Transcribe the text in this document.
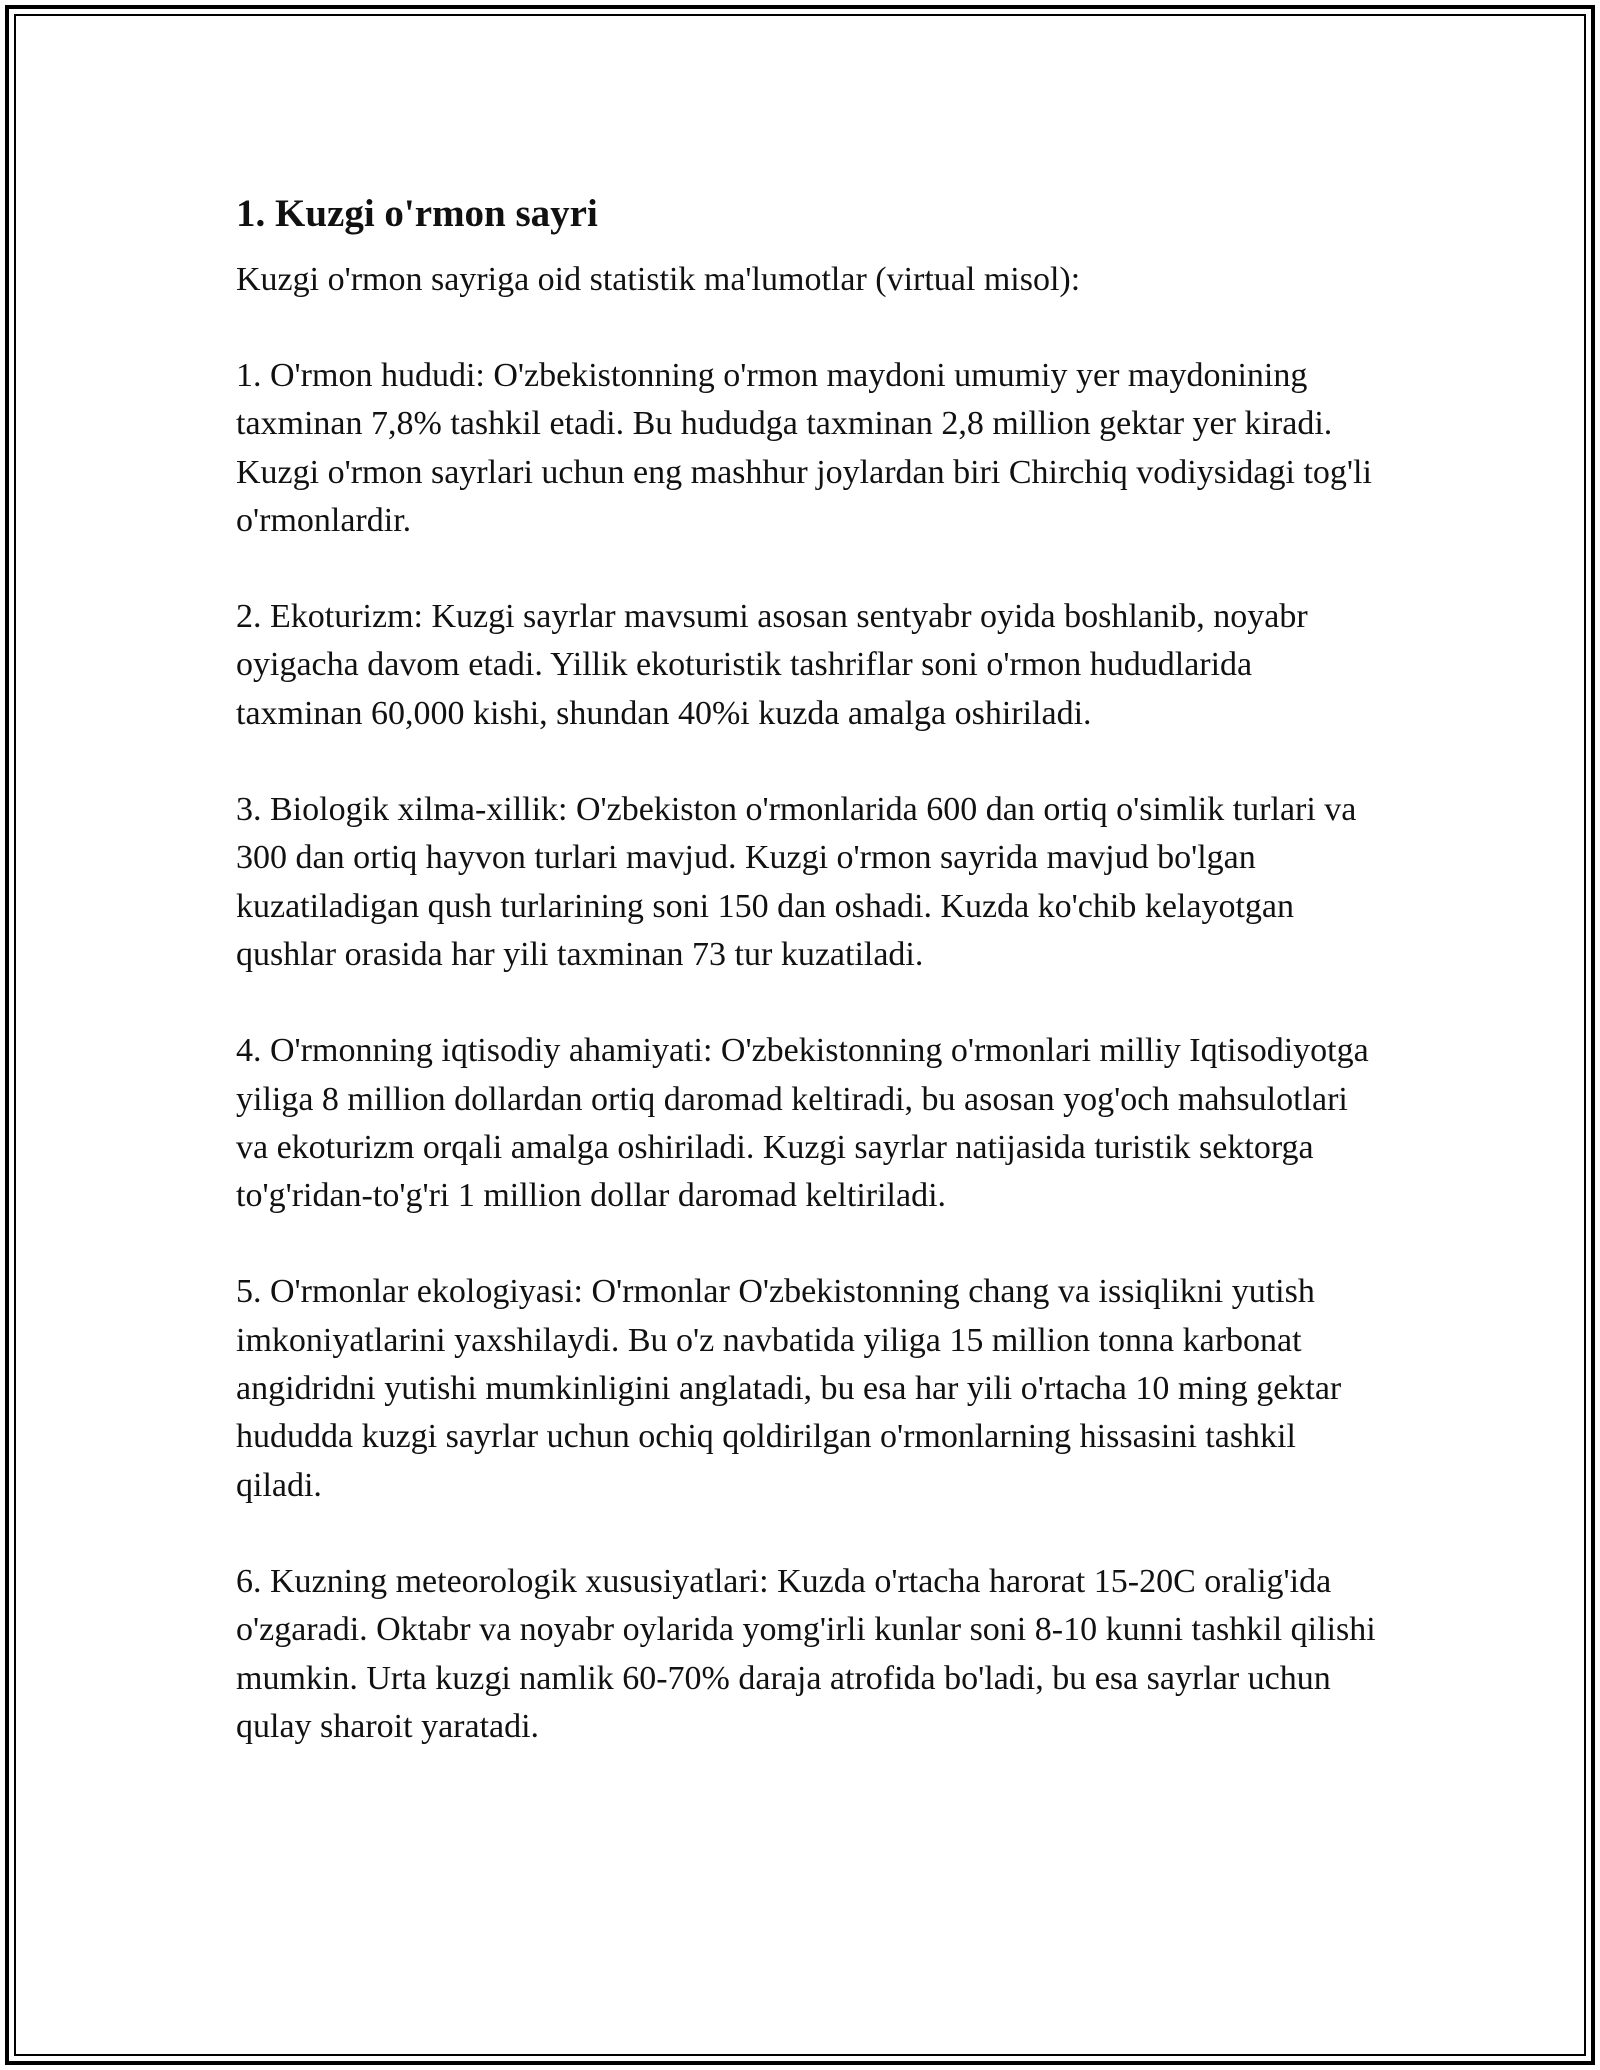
1. Kuzgi o'rmon sayri

Kuzgi o'rmon sayriga oid statistik ma'lumotlar (virtual misol):

1. O'rmon hududi: O'zbekistonning o'rmon maydoni umumiy yer maydonining taxminan 7,8% tashkil etadi. Bu hududga taxminan 2,8 million gektar yer kiradi. Kuzgi o'rmon sayrlari uchun eng mashhur joylardan biri Chirchiq vodiysidagi tog'li o'rmonlardir.

2. Ekoturizm: Kuzgi sayrlar mavsumi asosan sentyabr oyida boshlanib, noyabr oyigacha davom etadi. Yillik ekoturistik tashriflar soni o'rmon hududlarida taxminan 60,000 kishi, shundan 40%i kuzda amalga oshiriladi.

3. Biologik xilma-xillik: O'zbekiston o'rmonlarida 600 dan ortiq o'simlik turlari va 300 dan ortiq hayvon turlari mavjud. Kuzgi o'rmon sayrida mavjud bo'lgan kuzatiladigan qush turlarining soni 150 dan oshadi. Kuzda ko'chib kelayotgan qushlar orasida har yili taxminan 73 tur kuzatiladi.

4. O'rmonning iqtisodiy ahamiyati: O'zbekistonning o'rmonlari milliy Iqtisodiyotga yiliga 8 million dollardan ortiq daromad keltiradi, bu asosan yog'och mahsulotlari va ekoturizm orqali amalga oshiriladi. Kuzgi sayrlar natijasida turistik sektorga to'g'ridan-to'g'ri 1 million dollar daromad keltiriladi.

5. O'rmonlar ekologiyasi: O'rmonlar O'zbekistonning chang va issiqlikni yutish imkoniyatlarini yaxshilaydi. Bu o'z navbatida yiliga 15 million tonna karbonat angidridni yutishi mumkinligini anglatadi, bu esa har yili o'rtacha 10 ming gektar hududda kuzgi sayrlar uchun ochiq qoldirilgan o'rmonlarning hissasini tashkil qiladi.

6. Kuzning meteorologik xususiyatlari: Kuzda o'rtacha harorat 15-20C oralig'ida o'zgaradi. Oktabr va noyabr oylarida yomg'irli kunlar soni 8-10 kunni tashkil qilishi mumkin. Urta kuzgi namlik 60-70% daraja atrofida bo'ladi, bu esa sayrlar uchun qulay sharoit yaratadi.
